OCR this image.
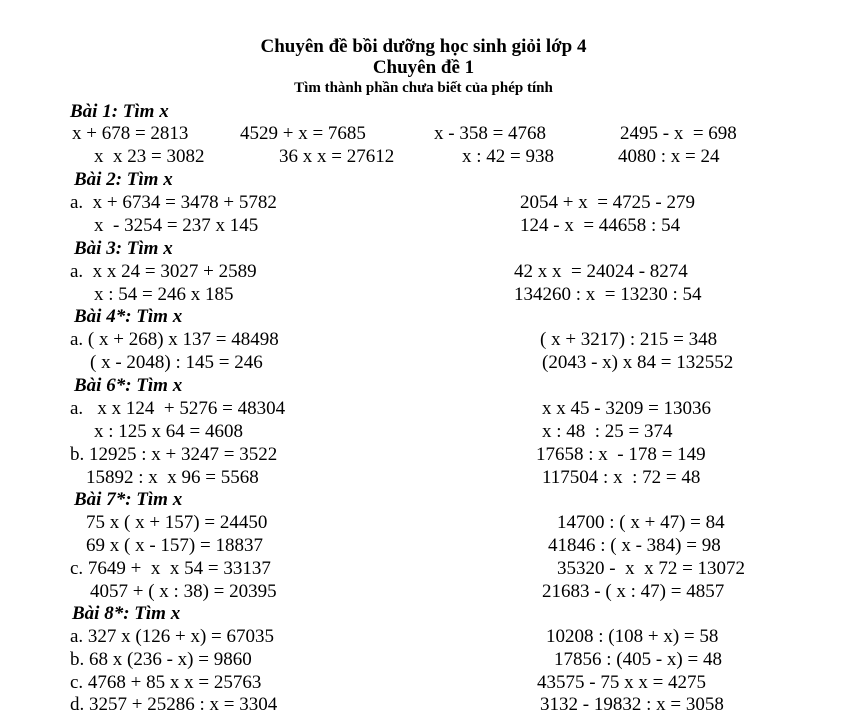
Chuyên đề bồi dưỡng học sinh giỏi lớp 4
Chuyên đề 1
Tìm thành phần chưa biết của phép tính
Bài 1: Tìm x
x + 678 = 2813	4529 + x = 7685	x - 358 = 4768	2495 - x  = 698
x  x 23 = 3082	36 x x = 27612	x : 42 = 938	4080 : x = 24
Bài 2: Tìm x
a.  x + 6734 = 3478 + 5782	2054 + x  = 4725 - 279
x  - 3254 = 237 x 145	124 - x  = 44658 : 54
Bài 3: Tìm x
a.  x x 24 = 3027 + 2589	42 x x  = 24024 - 8274
x : 54 = 246 x 185	134260 : x  = 13230 : 54
Bài 4*: Tìm x
a. ( x + 268) x 137 = 48498	( x + 3217) : 215 = 348
( x - 2048) : 145 = 246	(2043 - x) x 84 = 132552
Bài 6*: Tìm x
a.   x x 124  + 5276 = 48304	x x 45 - 3209 = 13036
x : 125 x 64 = 4608	x : 48  : 25 = 374
b. 12925 : x + 3247 = 3522	17658 : x  - 178 = 149
15892 : x  x 96 = 5568	117504 : x  : 72 = 48
Bài 7*: Tìm x
75 x ( x + 157) = 24450	14700 : ( x + 47) = 84
69 x ( x - 157) = 18837	41846 : ( x - 384) = 98
c. 7649 +  x  x 54 = 33137	35320 -  x  x 72 = 13072
4057 + ( x : 38) = 20395	21683 - ( x : 47) = 4857
Bài 8*: Tìm x
a. 327 x (126 + x) = 67035	10208 : (108 + x) = 58
b. 68 x (236 - x) = 9860	17856 : (405 - x) = 48
c. 4768 + 85 x x = 25763	43575 - 75 x x = 4275
d. 3257 + 25286 : x = 3304	3132 - 19832 : x = 3058
